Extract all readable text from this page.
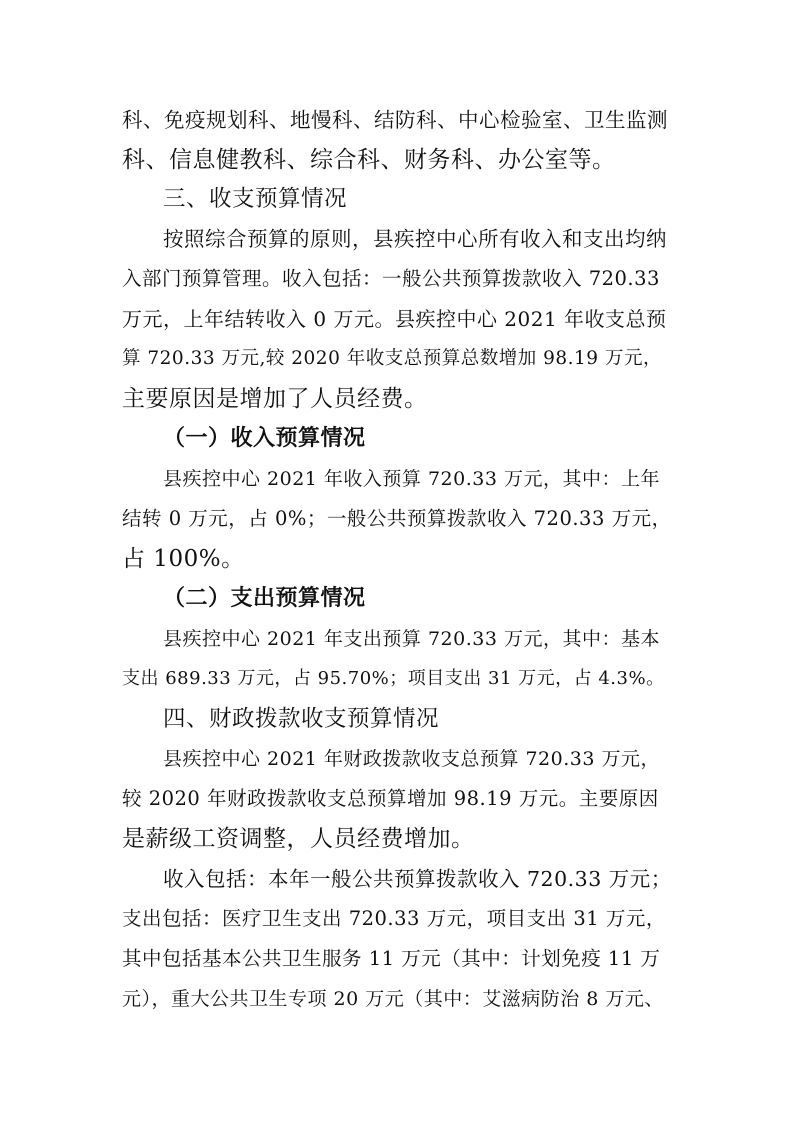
科、免疫规划科、地慢科、结防科、中心检验室、卫生监测
科、信息健教科、综合科、财务科、办公室等。
三、收支预算情况
按照综合预算的原则，县疾控中心所有收入和支出均纳
入部门预算管理。收入包括：一般公共预算拨款收入 720.33
万元，上年结转收入 0 万元。县疾控中心 2021 年收支总预
算 720.33 万元,较 2020 年收支总预算总数增加 98.19 万元，
主要原因是增加了人员经费。
（一）收入预算情况
县疾控中心 2021 年收入预算 720.33 万元，其中：上年
结转 0 万元，占 0%；一般公共预算拨款收入 720.33 万元，
占 100%。
（二）支出预算情况
县疾控中心 2021 年支出预算 720.33 万元，其中：基本
支出 689.33 万元，占 95.70%；项目支出 31 万元，占 4.3%。
四、财政拨款收支预算情况
县疾控中心 2021 年财政拨款收支总预算 720.33 万元，
较 2020 年财政拨款收支总预算增加 98.19 万元。主要原因
是薪级工资调整，人员经费增加。
收入包括：本年一般公共预算拨款收入 720.33 万元；
支出包括：医疗卫生支出 720.33 万元，项目支出 31 万元，
其中包括基本公共卫生服务 11 万元（其中：计划免疫 11 万
元），重大公共卫生专项 20 万元（其中：艾滋病防治 8 万元、
